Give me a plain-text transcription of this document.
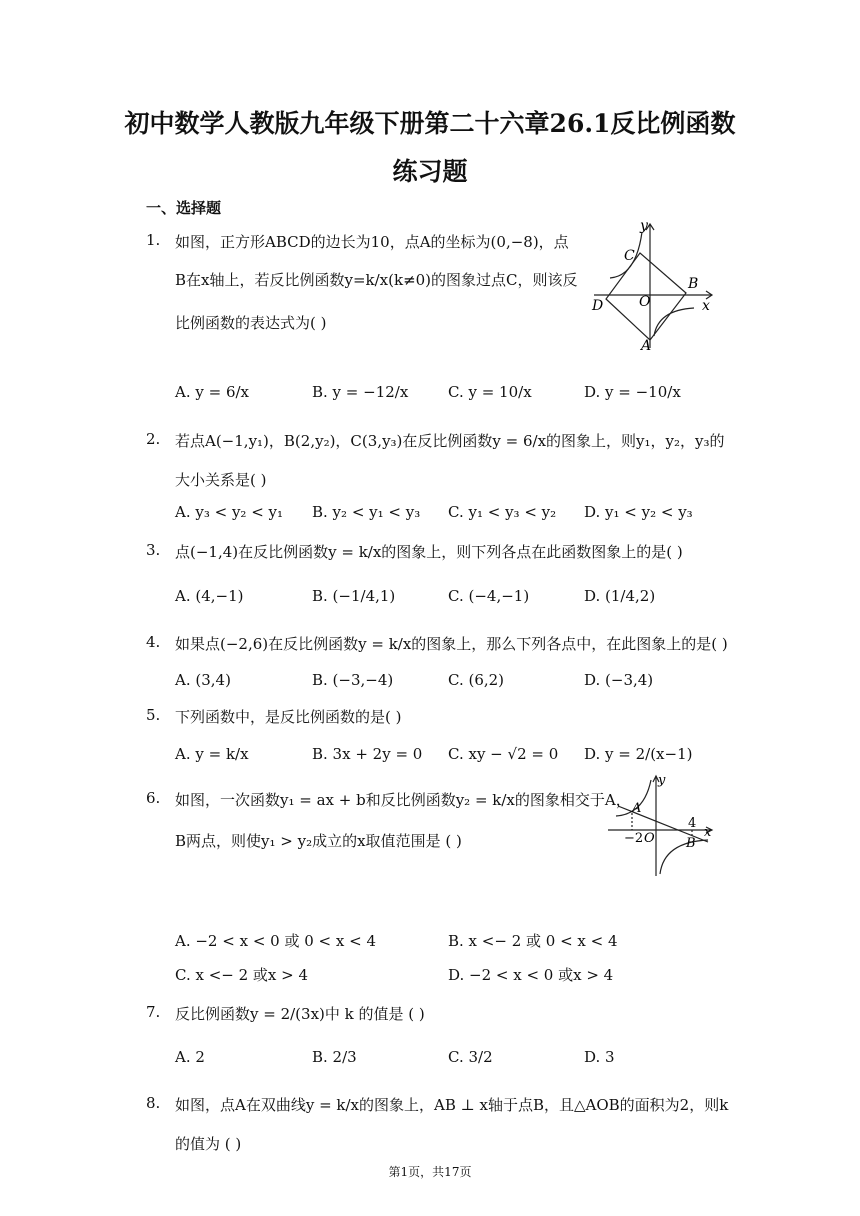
初中数学人教版九年级下册第二十六章26.1反比例函数
练习题
一、选择题
1. 如图，正方形ABCD的边长为10，点A的坐标为(0,−8)，点
B在x轴上，若反比例函数y=k/x(k≠0)的图象过点C，则该反
比例函数的表达式为( )
A. y = 6/x	B. y = −12/x	C. y = 10/x	D. y = −10/x
y
C
B
D	O	x
A
2. 若点A(−1,y₁)，B(2,y₂)，C(3,y₃)在反比例函数y = 6/x的图象上，则y₁，y₂，y₃的
大小关系是( )
A. y₃ < y₂ < y₁ B. y₂ < y₁ < y₃ C. y₁ < y₃ < y₂ D. y₁ < y₂ < y₃
3. 点(−1,4)在反比例函数y = k/x的图象上，则下列各点在此函数图象上的是( )
A. (4,−1)	B. (−1/4,1)	C. (−4,−1)	D. (1/4,2)
4. 如果点(−2,6)在反比例函数y = k/x的图象上，那么下列各点中，在此图象上的是( )
A. (3,4)	B. (−3,−4)	C. (6,2)	D. (−3,4)
5. 下列函数中，是反比例函数的是( )
A. y = k/x	B. 3x + 2y = 0 C. xy − √2 = 0 D. y = 2/(x−1)
6. 如图，一次函数y₁ = ax + b和反比例函数y₂ = k/x的图象相交于A，
B两点，则使y₁ > y₂成立的x取值范围是 ( )
A. −2 < x < 0 或 0 < x < 4	B. x <− 2 或 0 < x < 4
C. x <− 2 或x > 4	D. −2 < x < 0 或x > 4
y
A
−2 O
4
x
B
7. 反比例函数y = 2/(3x)中 k 的值是 ( )
A. 2	B. 2/3	C. 3/2	D. 3
8. 如图，点A在双曲线y = k/x的图象上，AB ⊥ x轴于点B，且△AOB的面积为2，则k
的值为 ( )
第1页，共17页
